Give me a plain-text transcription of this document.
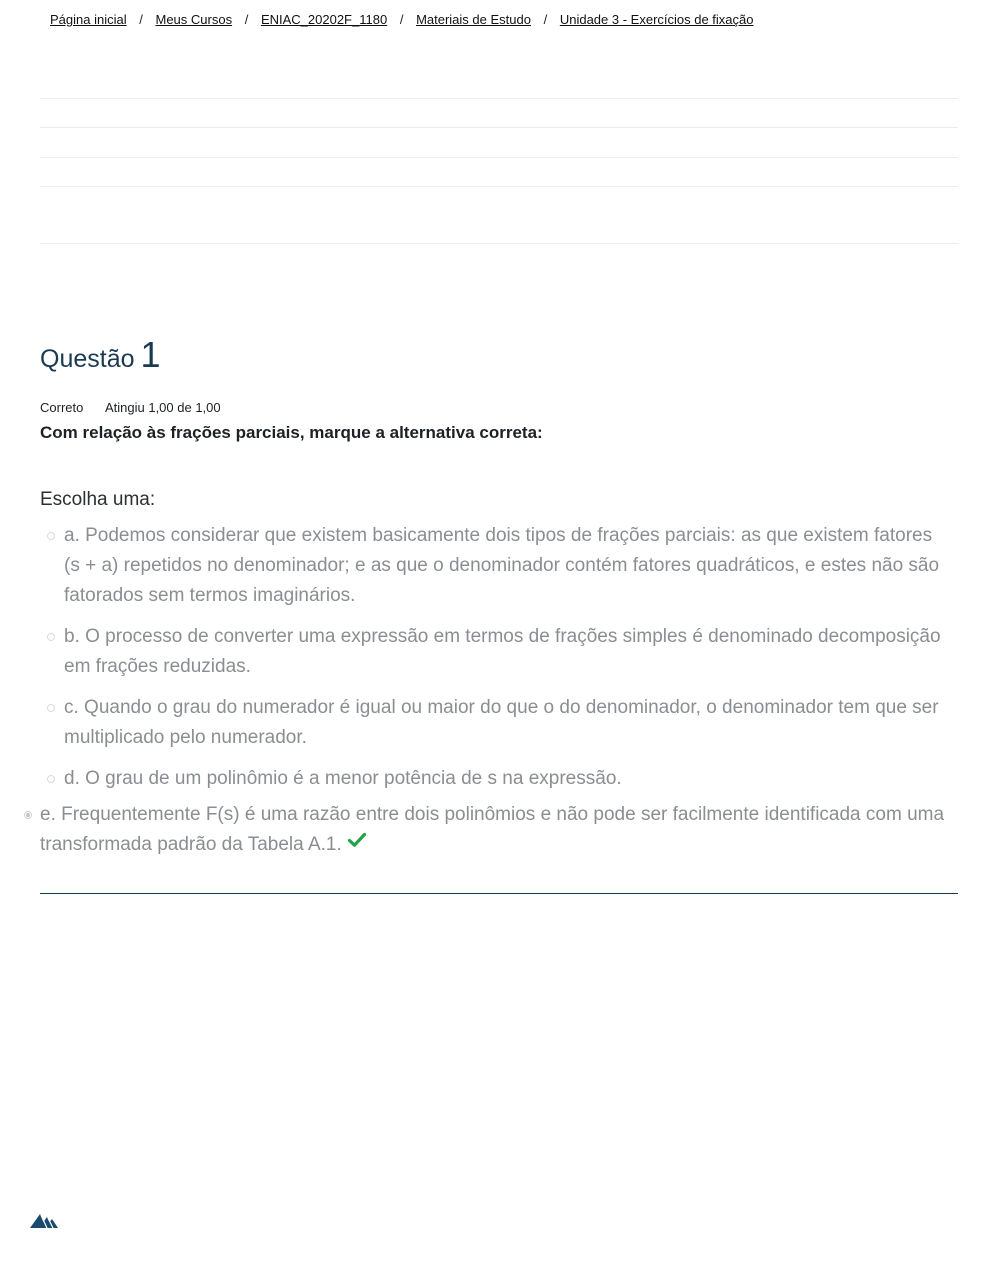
Página inicial / Meus Cursos / ENIAC_20202F_1180 / Materiais de Estudo / Unidade 3 - Exercícios de fixação
Questão 1
Correto Atingiu 1,00 de 1,00
Com relação às frações parciais, marque a alternativa correta:
Escolha uma:
a. Podemos considerar que existem basicamente dois tipos de frações parciais: as que existem fatores (s + a) repetidos no denominador; e as que o denominador contém fatores quadráticos, e estes não são fatorados sem termos imaginários.
b. O processo de converter uma expressão em termos de frações simples é denominado decomposição em frações reduzidas.
c. Quando o grau do numerador é igual ou maior do que o do denominador, o denominador tem que ser multiplicado pelo numerador.
d. O grau de um polinômio é a menor potência de s na expressão.
e. Frequentemente F(s) é uma razão entre dois polinômios e não pode ser facilmente identificada com uma transformada padrão da Tabela A.1.
